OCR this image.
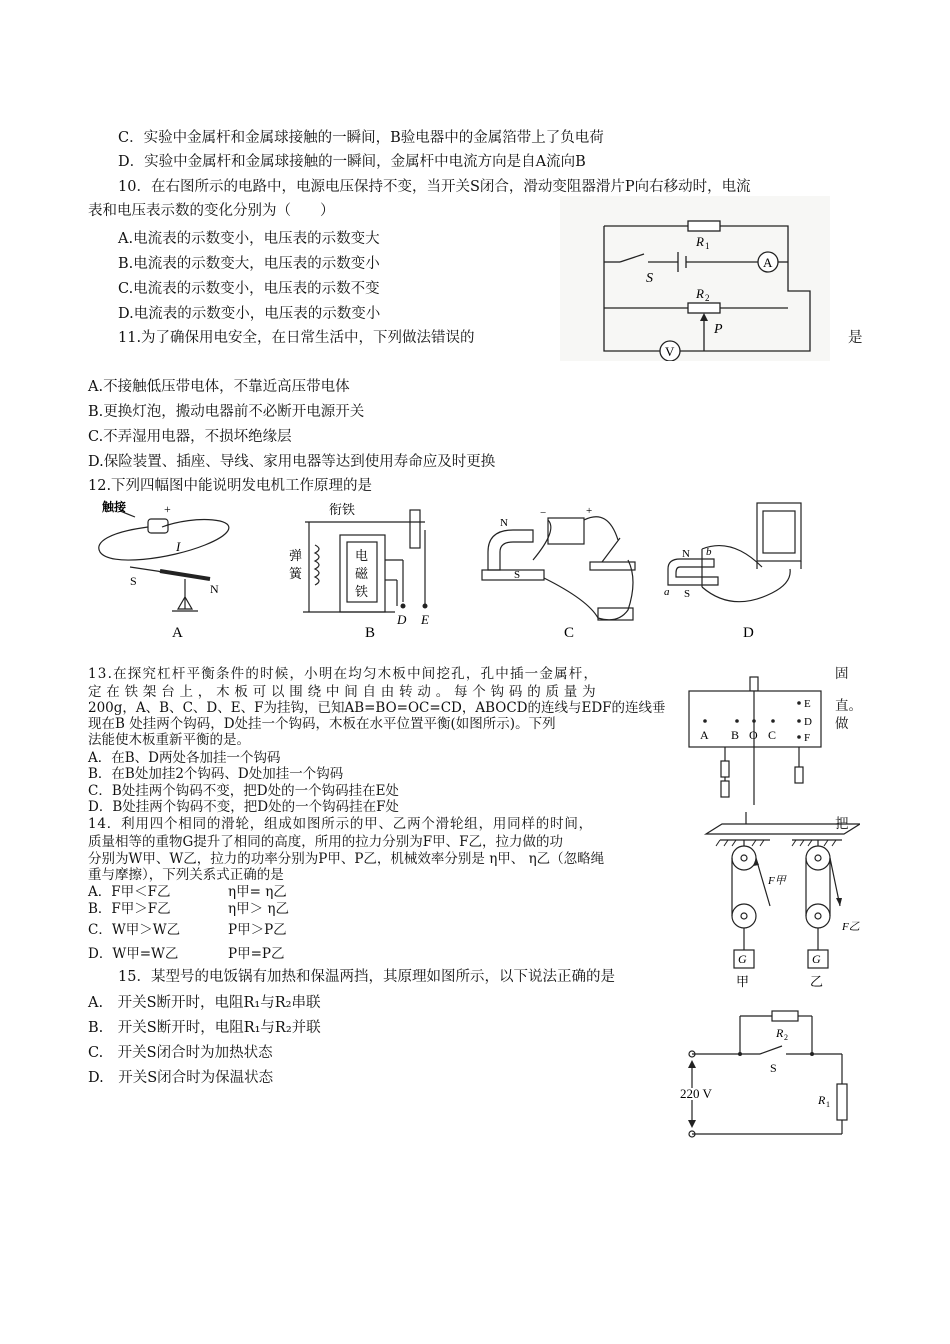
C．实验中金属杆和金属球接触的一瞬间，B验电器中的金属箔带上了负电荷
D．实验中金属杆和金属球接触的一瞬间，金属杆中电流方向是自A流向B
10．在右图所示的电路中，电源电压保持不变，当开关S闭合，滑动变阻器滑片P向右移动时，电流
表和电压表示数的变化分别为（　　）
A.电流表的示数变小，电压表的示数变大
B.电流表的示数变大，电压表的示数变小
C.电流表的示数变小，电压表的示数不变
D.电流表的示数变小，电压表的示数变小
R 1
R 2
S
P
A
V
11.为了确保用电安全，在日常生活中，下列做法错误的	是
A.不接触低压带电体，不靠近高压带电体
B.更换灯泡，搬动电器前不必断开电源开关
C.不弄湿用电器，不损坏绝缘层
D.保险装置、插座、导线、家用电器等达到使用寿命应及时更换
12.下列四幅图中能说明发电机工作原理的是
触接	+
I
S
N
A
衔铁
弹
簧
电
磁
铁
D E
B
N
S
−	+
C
N
S
a
b
D
13.在探究杠杆平衡条件的时候，小明在均匀木板中间挖孔，孔中插一金属杆，	固
定在铁架台上，木板可以围绕中间自由转动。每个钩码的质量为
直。
200g，A、B、C、D、E、F为挂钩，已知AB=BO=OC=CD，ABOCD的连线与EDF的连线垂
现在B 处挂两个钩码，D处挂一个钩码，木板在水平位置平衡(如图所示)。下列	做
法能使木板重新平衡的是。
A．在B、D两处各加挂一个钩码
B．在B处加挂2个钩码、D处加挂一个钩码
C．B处挂两个钩码不变，把D处的一个钩码挂在E处
D．B处挂两个钩码不变，把D处的一个钩码挂在F处
A B O C
E
D
F
14．利用四个相同的滑轮，组成如图所示的甲、乙两个滑轮组，用同样的时间，	把
质量相等的重物G提升了相同的高度，所用的拉力分别为F甲、F乙，拉力做的功
分别为W甲、W乙，拉力的功率分别为P甲、P乙，机械效率分别是 η甲、 η乙（忽略绳
重与摩擦），下列关系式正确的是
A．F甲＜F乙	η甲= η乙
B．F甲＞F乙	η甲＞ η乙
C．W甲＞W乙	P甲＞P乙
D．W甲=W乙	P甲=P乙	G	G
甲	乙
F甲
F乙
15．某型号的电饭锅有加热和保温两挡，其原理如图所示，以下说法正确的是
A.　开关S断开时，电阻R₁与R₂串联
B.　开关S断开时，电阻R₁与R₂并联
C.　开关S闭合时为加热状态
D.　开关S闭合时为保温状态
220 V
R 2
R 1
S
